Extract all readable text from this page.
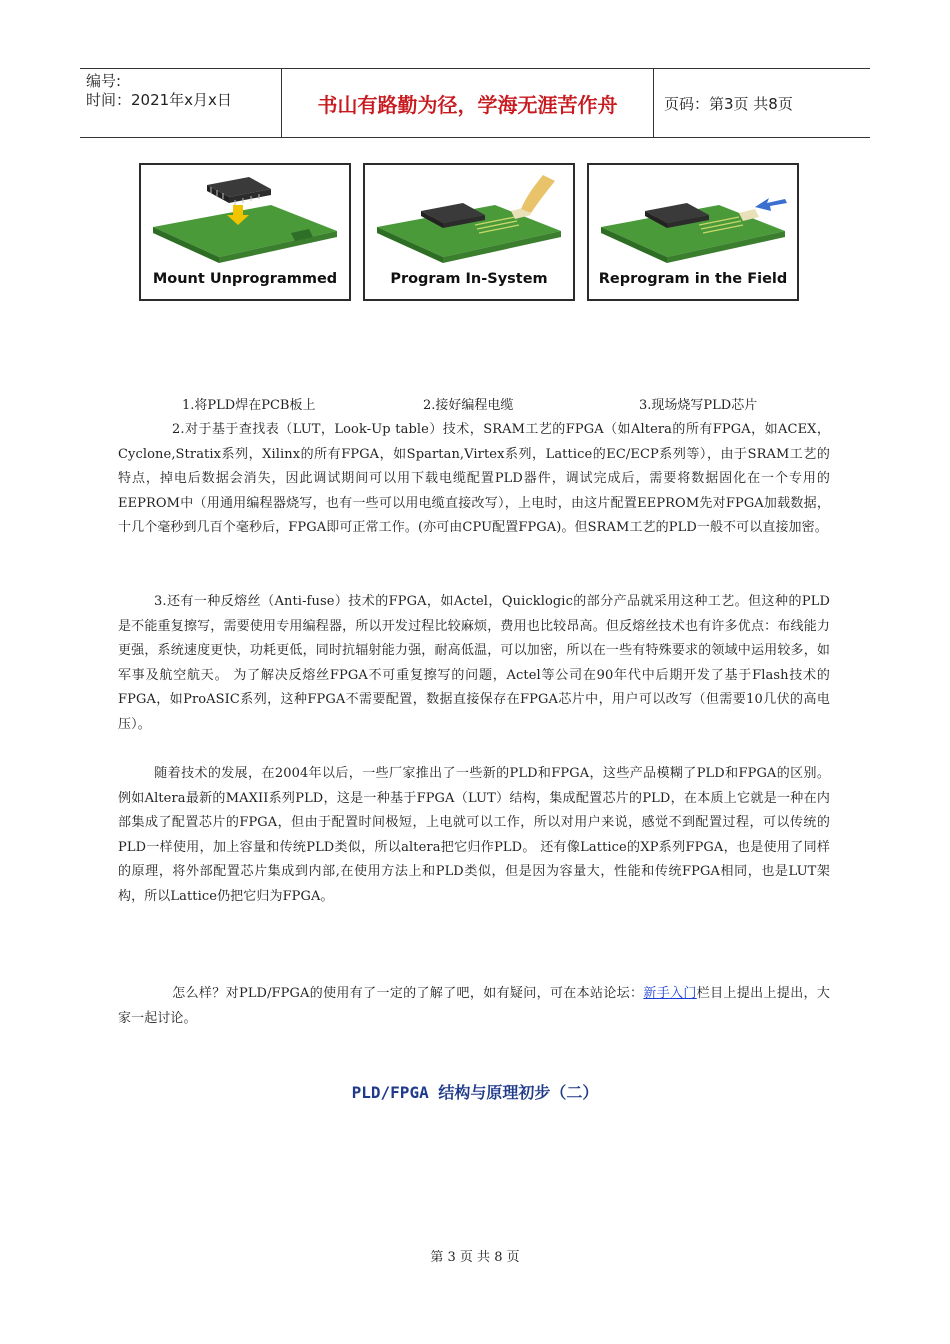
编号:
时间：2021年x月x日	书山有路勤为径，学海无涯苦作舟	页码：第3页 共8页
Mount Unprogrammed	Program In-System	Reprogram in the Field
1.将PLD焊在PCB板上	2.接好编程电缆	3.现场烧写PLD芯片
2.对于基于查找表（LUT，Look-Up table）技术，SRAM工艺的FPGA（如Altera的所有FPGA，如ACEX，Cyclone,Stratix系列，Xilinx的所有FPGA，如Spartan,Virtex系列，Lattice的EC/ECP系列等），由于SRAM工艺的特点，掉电后数据会消失，因此调试期间可以用下载电缆配置PLD器件，调试完成后，需要将数据固化在一个专用的EEPROM中（用通用编程器烧写，也有一些可以用电缆直接改写），上电时，由这片配置EEPROM先对FPGA加载数据，十几个毫秒到几百个毫秒后，FPGA即可正常工作。(亦可由CPU配置FPGA)。但SRAM工艺的PLD一般不可以直接加密。
3.还有一种反熔丝（Anti-fuse）技术的FPGA，如Actel，Quicklogic的部分产品就采用这种工艺。但这种的PLD是不能重复擦写，需要使用专用编程器，所以开发过程比较麻烦，费用也比较昂高。但反熔丝技术也有许多优点：布线能力更强，系统速度更快，功耗更低，同时抗辐射能力强，耐高低温，可以加密，所以在一些有特殊要求的领域中运用较多，如军事及航空航天。 为了解决反熔丝FPGA不可重复擦写的问题，Actel等公司在90年代中后期开发了基于Flash技术的FPGA，如ProASIC系列，这种FPGA不需要配置，数据直接保存在FPGA芯片中，用户可以改写（但需要10几伏的高电压）。
随着技术的发展，在2004年以后，一些厂家推出了一些新的PLD和FPGA，这些产品模糊了PLD和FPGA的区别。例如Altera最新的MAXII系列PLD，这是一种基于FPGA（LUT）结构，集成配置芯片的PLD，在本质上它就是一种在内部集成了配置芯片的FPGA，但由于配置时间极短，上电就可以工作，所以对用户来说，感觉不到配置过程，可以传统的PLD一样使用，加上容量和传统PLD类似，所以altera把它归作PLD。 还有像Lattice的XP系列FPGA，也是使用了同样的原理，将外部配置芯片集成到内部,在使用方法上和PLD类似，但是因为容量大，性能和传统FPGA相同，也是LUT架构，所以Lattice仍把它归为FPGA。
怎么样？对PLD/FPGA的使用有了一定的了解了吧，如有疑问，可在本站论坛：新手入门栏目上提出上提出，大家一起讨论。
PLD/FPGA 结构与原理初步（二）
第 3 页 共 8 页
